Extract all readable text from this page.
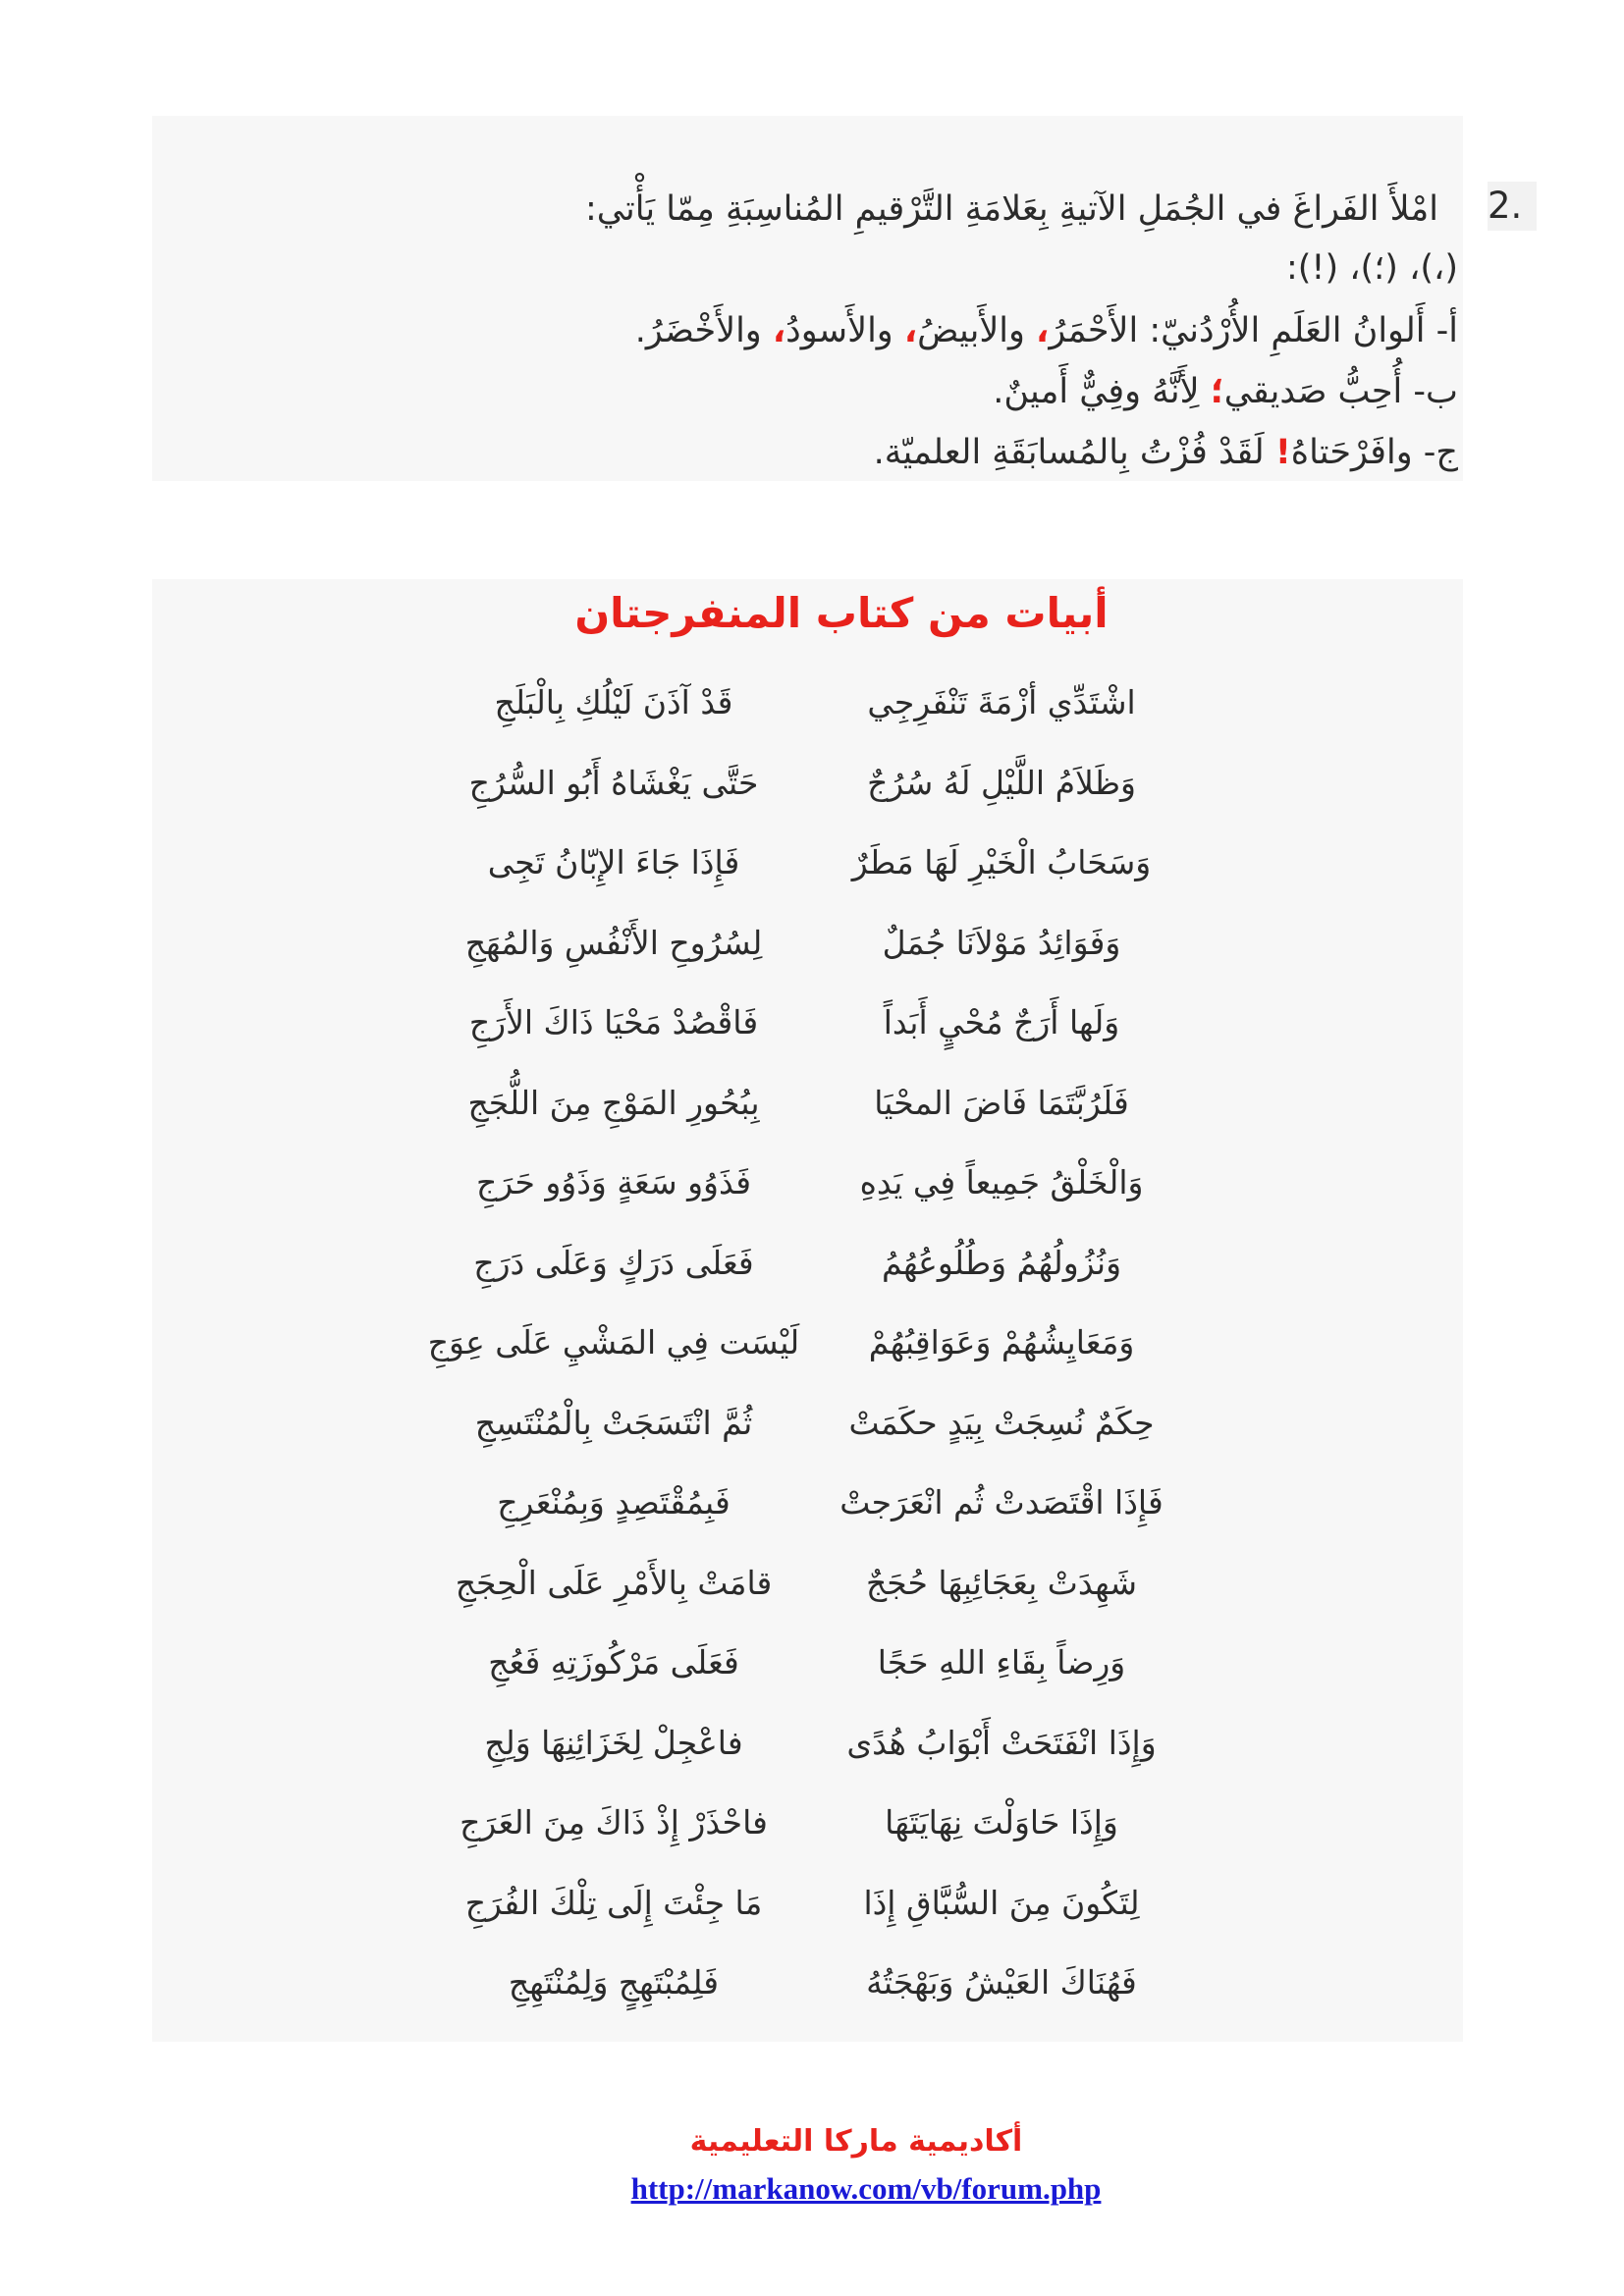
امْلأَ الفَراغَ في الجُمَلِ الآتيةِ بِعَلامَةِ التَّرْقيمِ المُناسِبَةِ مِمّا يَأْتي:
(،)، (؛)، (!):
أ- أَلوانُ العَلَمِ الأُرْدُنيّ: الأَحْمَرُ، والأَبيضُ، والأَسودُ، والأَخْضَرُ.
ب- أُحِبُّ صَديقي؛ لِأَنَّهُ وفِيٌّ أَمينٌ.
ج- وافَرْحَتاهُ! لَقَدْ فُزْتُ بِالمُسابَقَةِ العلميّة.
2.
أبيات من كتاب المنفرجتان
اشْتَدِّي أزْمَةَ تَنْفَرِجِي
قَدْ آذَنَ لَيْلُكِ بِالْبَلَجِ
وَظَلاَمُ اللَّيْلِ لَهُ سُرُجٌ
حَتَّى يَغْشَاهُ أَبُو السُّرُجِ
وَسَحَابُ الْخَيْرِ لَهَا مَطَرٌ
فَإِذَا جَاءَ الإِبّانُ تَجِى
وَفَوَائِدُ مَوْلاَنَا جُمَلٌ
لِسُرُوحِ الأَنْفُسِ وَالمُهَجِ
وَلَها أَرَجٌ مُحْيٍ أَبَداً
فَاقْصُدْ مَحْيَا ذَاكَ الأَرَجِ
فَلَرُبَّتَمَا فَاضَ المحْيَا
بِبُحُورِ المَوْجِ مِنَ اللُّجَجِ
وَالْخَلْقُ جَمِيعاً فِي يَدِهِ
فَذَوُو سَعَةٍ وَذَوُو حَرَجِ
وَنُزُولُهُمُ وَطُلُوعُهُمُ
فَعَلَى دَرَكٍ وَعَلَى دَرَجِ
وَمَعَايِشُهُمْ وَعَوَاقِبُهُمْ
لَيْسَت فِي المَشْيِ عَلَى عِوَجِ
حِكَمٌ نُسِجَتْ بِيَدٍ حكَمَتْ
ثُمَّ انْتَسَجَتْ بِالْمُنْتَسِجِ
فَإِذَا اقْتَصَدتْ ثُم انْعَرَجتْ
فَبِمُقْتَصِدٍ وَبِمُنْعَرِجِ
شَهِدَتْ بِعَجَائِبِهَا حُجَجٌ
قامَتْ بِالأَمْرِ عَلَى الْحِجَجِ
وَرِضاً بِقَاءِ اللهِ حَجًا
فَعَلَى مَرْكُوزَتِهِ فَعُجِ
وَإِذَا انْفَتَحَتْ أَبْوَابُ هُدًى
فاعْجِلْ لِخَزَائِنِهَا وَلِجِ
وَإِذَا حَاوَلْتَ نِهَايَتَهَا
فاحْذَرْ إِذْ ذَاكَ مِنَ العَرَجِ
لِتَكُونَ مِنَ السُّبَّاقِ إِذَا
مَا جِئْتَ إِلَى تِلْكَ الفُرَجِ
فَهُنَاكَ العَيْشُ وَبَهْجَتُهُ
فَلِمُبْتَهِجٍ وَلِمُنْتَهِجِ
أكاديمية ماركا التعليمية
http://markanow.com/vb/forum.php
